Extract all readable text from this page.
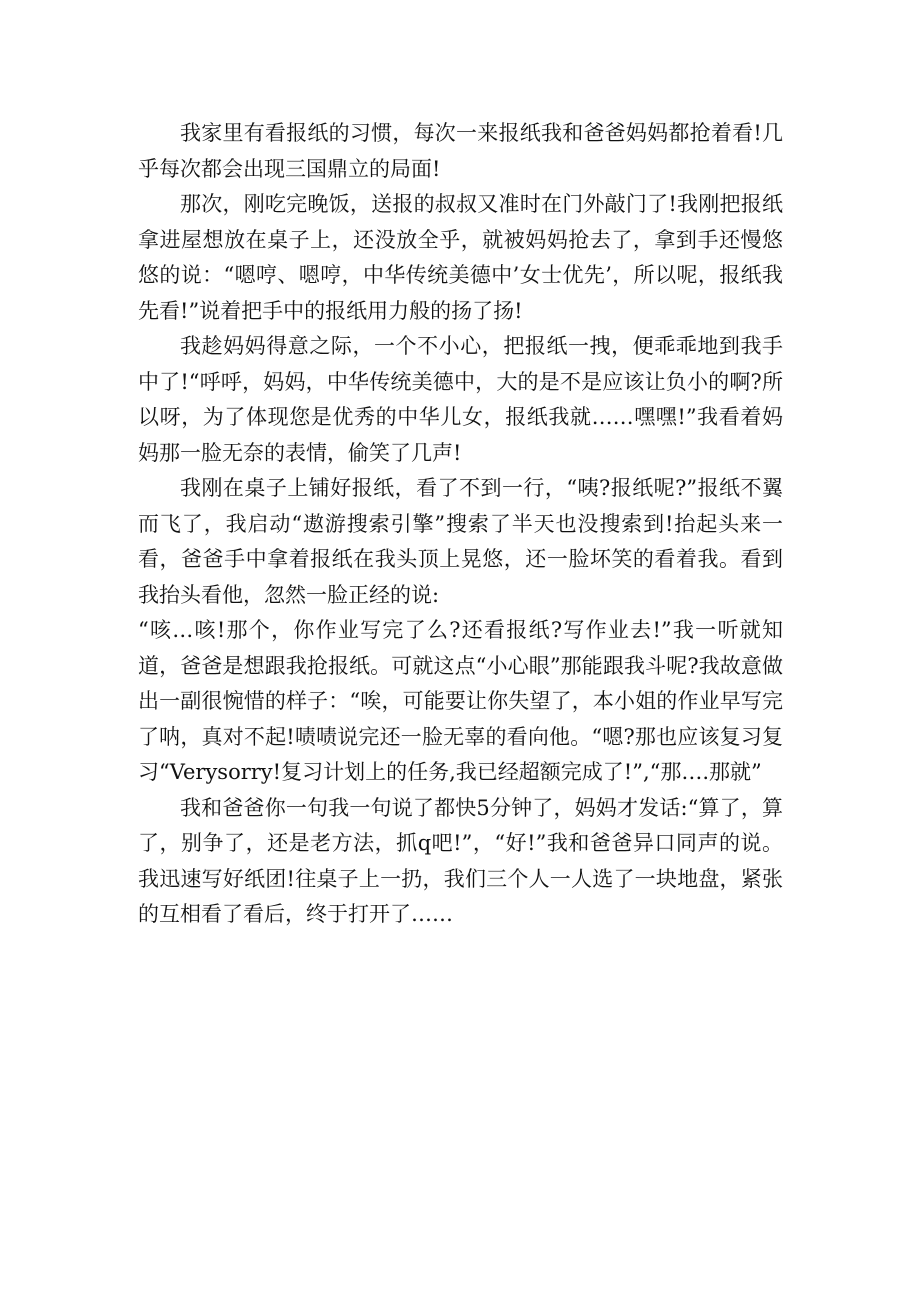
我家里有看报纸的习惯，每次一来报纸我和爸爸妈妈都抢着看!几乎每次都会出现三国鼎立的局面!

那次，刚吃完晚饭，送报的叔叔又准时在门外敲门了!我刚把报纸拿进屋想放在桌子上，还没放全乎，就被妈妈抢去了，拿到手还慢悠悠的说：“嗯哼、嗯哼，中华传统美德中’女士优先’，所以呢，报纸我先看!”说着把手中的报纸用力般的扬了扬!

我趁妈妈得意之际，一个不小心，把报纸一拽，便乖乖地到我手中了!“呼呼，妈妈，中华传统美德中，大的是不是应该让负小的啊?所以呀，为了体现您是优秀的中华儿女，报纸我就……嘿嘿!”我看着妈妈那一脸无奈的表情，偷笑了几声!

我刚在桌子上铺好报纸，看了不到一行，“咦?报纸呢?”报纸不翼而飞了，我启动“遨游搜索引擎”搜索了半天也没搜索到!抬起头来一看，爸爸手中拿着报纸在我头顶上晃悠，还一脸坏笑的看着我。看到我抬头看他，忽然一脸正经的说:

“咳…咳!那个，你作业写完了么?还看报纸?写作业去!”我一听就知道，爸爸是想跟我抢报纸。可就这点“小心眼”那能跟我斗呢?我故意做出一副很惋惜的样子：“唉，可能要让你失望了，本小姐的作业早写完了呐，真对不起!啧啧说完还一脸无辜的看向他。“嗯?那也应该复习复习“Verysorry!复习计划上的任务,我已经超额完成了!”,“那….那就”

我和爸爸你一句我一句说了都快5分钟了，妈妈才发话:“算了，算了，别争了，还是老方法，抓q吧!”，“好!”我和爸爸异口同声的说。我迅速写好纸团!往桌子上一扔，我们三个人一人选了一块地盘，紧张的互相看了看后，终于打开了……
